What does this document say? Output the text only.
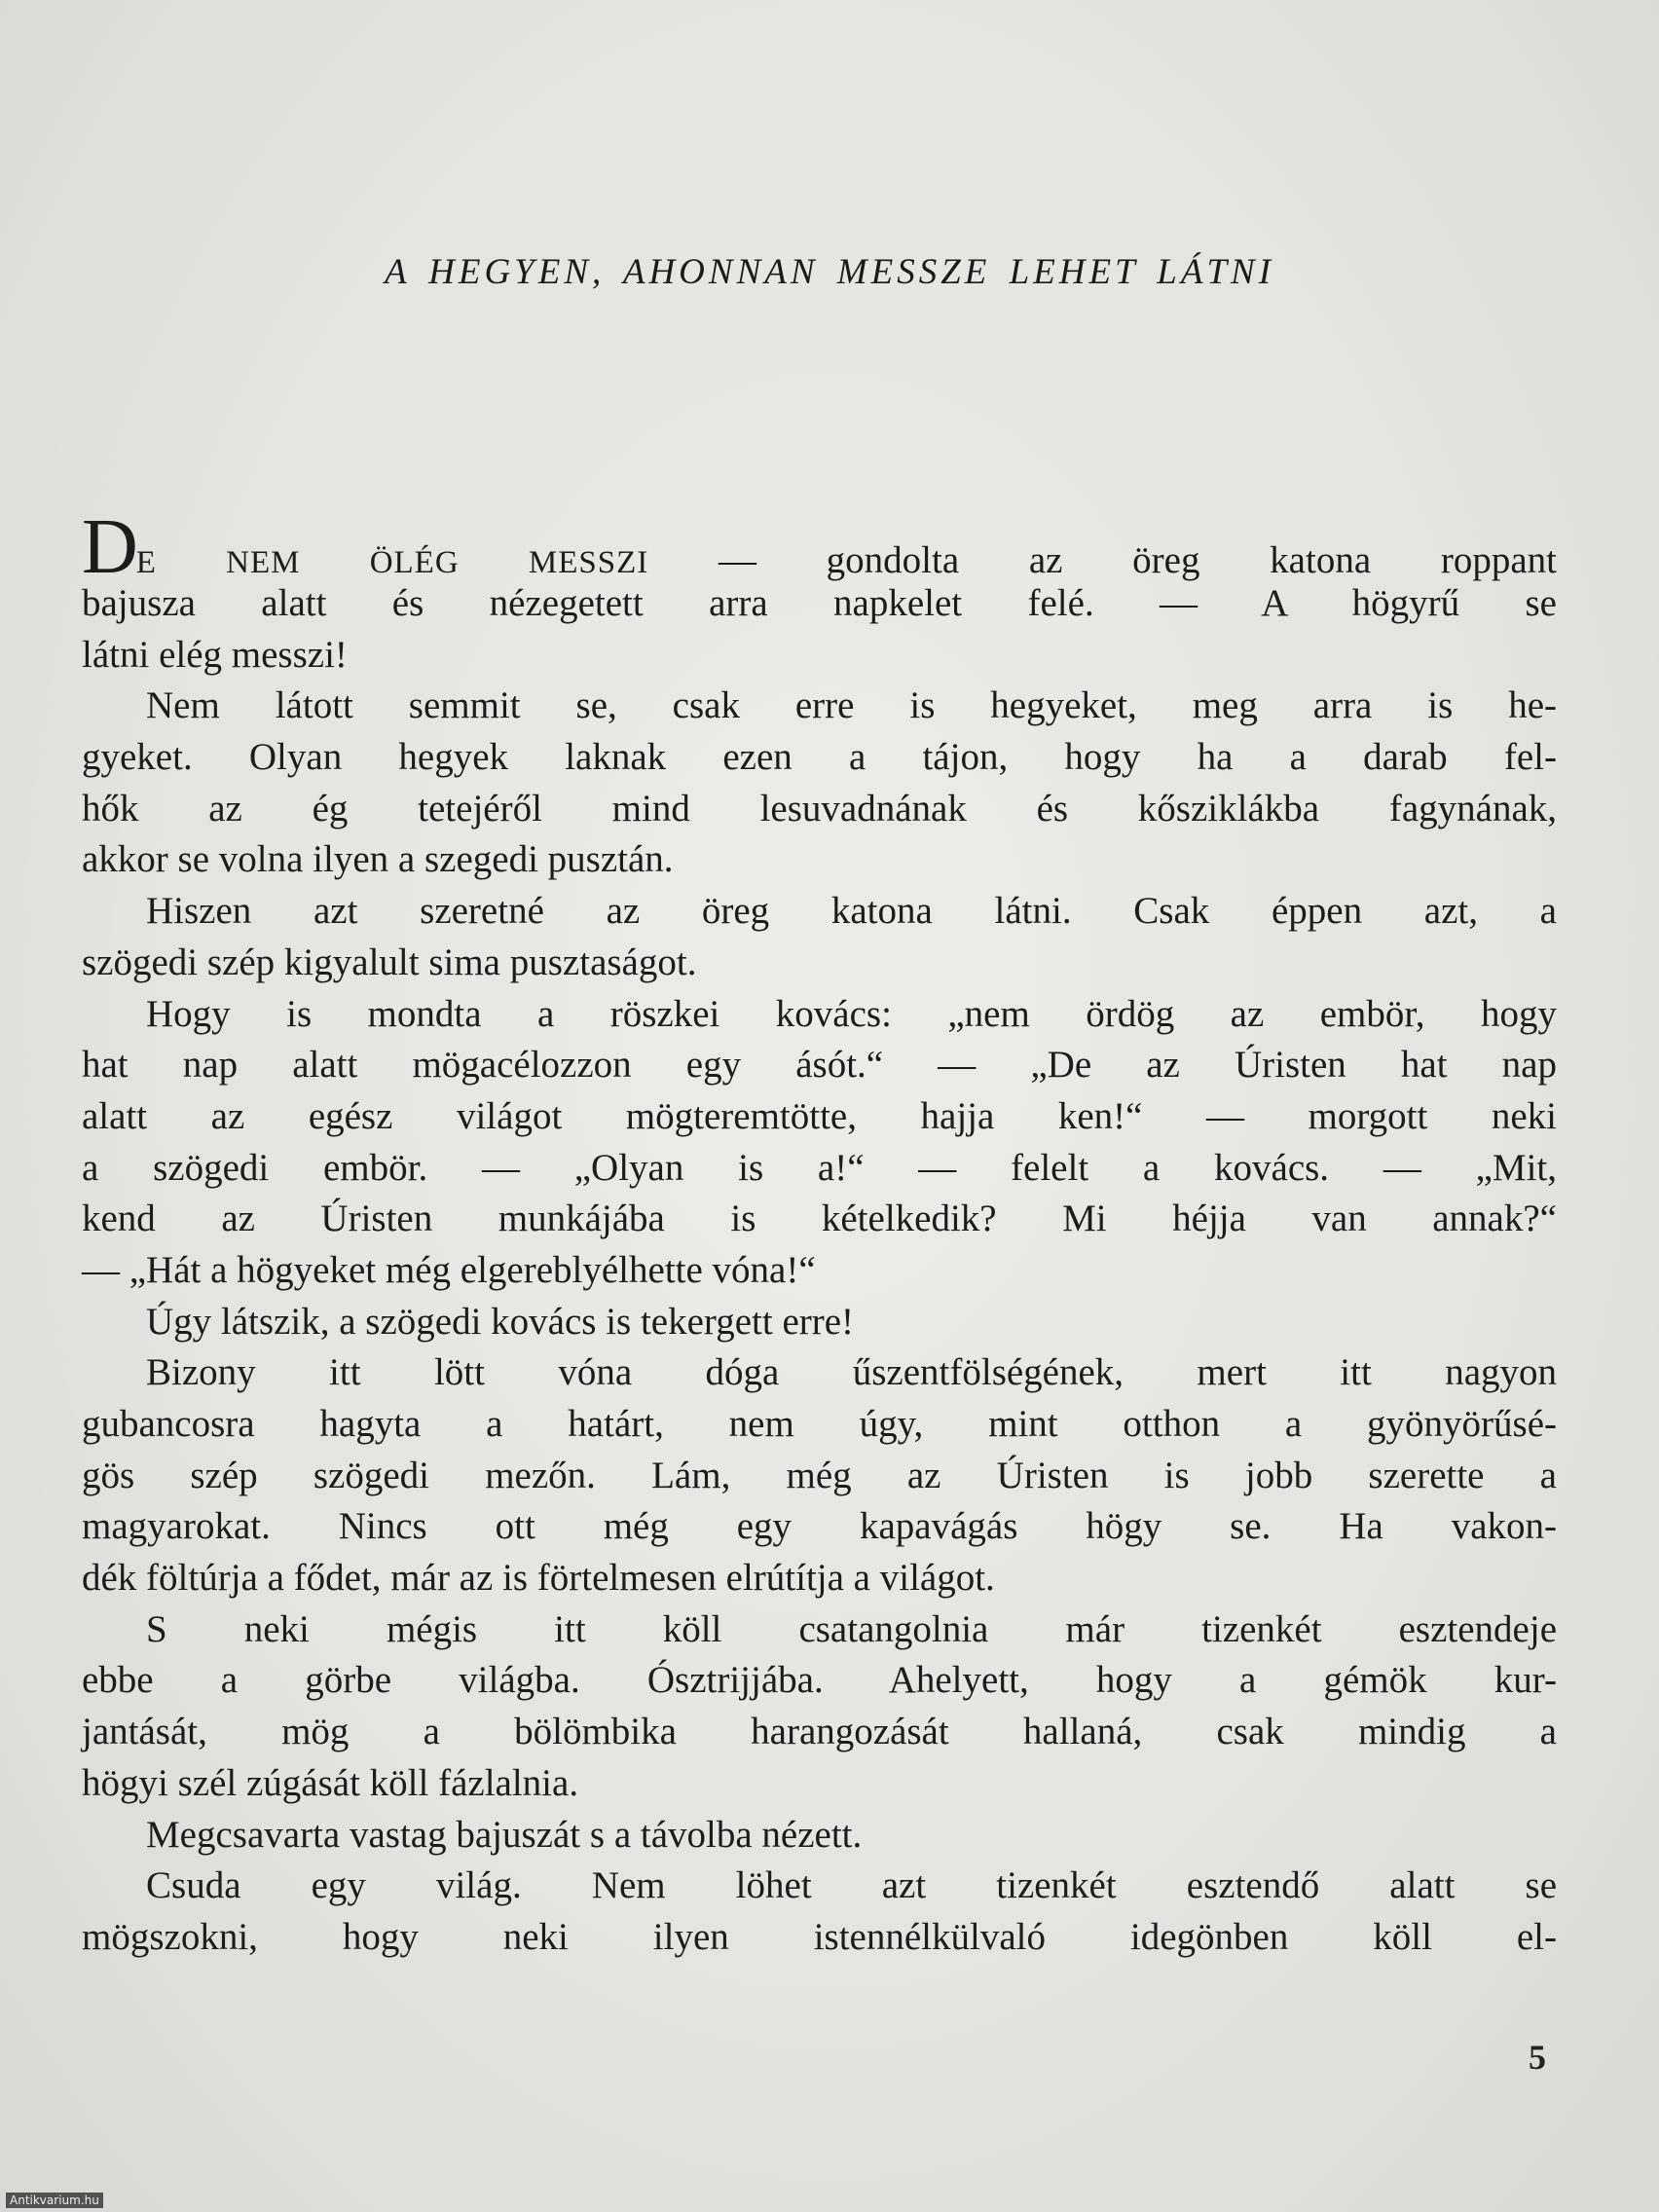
A HEGYEN, AHONNAN MESSZE LEHET LÁTNI
DE NEM ÖLÉG MESSZI — gondolta az öreg katona roppant
bajusza alatt és nézegetett arra napkelet felé. — A högyrű se
látni elég messzi!
Nem látott semmit se, csak erre is hegyeket, meg arra is he-
gyeket. Olyan hegyek laknak ezen a tájon, hogy ha a darab fel-
hők az ég tetejéről mind lesuvadnának és kősziklákba fagynának,
akkor se volna ilyen a szegedi pusztán.
Hiszen azt szeretné az öreg katona látni. Csak éppen azt, a
szögedi szép kigyalult sima pusztaságot.
Hogy is mondta a röszkei kovács: „nem ördög az embör, hogy
hat nap alatt mögacélozzon egy ásót.“ — „De az Úristen hat nap
alatt az egész világot mögteremtötte, hajja ken!“ — morgott neki
a szögedi embör. — „Olyan is a!“ — felelt a kovács. — „Mit,
kend az Úristen munkájába is kételkedik? Mi héjja van annak?“
— „Hát a högyeket még elgereblyélhette vóna!“
Úgy látszik, a szögedi kovács is tekergett erre!
Bizony itt lött vóna dóga űszentfölségének, mert itt nagyon
gubancosra hagyta a határt, nem úgy, mint otthon a gyönyörűsé-
gös szép szögedi mezőn. Lám, még az Úristen is jobb szerette a
magyarokat. Nincs ott még egy kapavágás högy se. Ha vakon-
dék föltúrja a fődet, már az is förtelmesen elrútítja a világot.
S neki mégis itt köll csatangolnia már tizenkét esztendeje
ebbe a görbe világba. Ósztrijjába. Ahelyett, hogy a gémök kur-
jantását, mög a bölömbika harangozását hallaná, csak mindig a
högyi szél zúgását köll fázlalnia.
Megcsavarta vastag bajuszát s a távolba nézett.
Csuda egy világ. Nem löhet azt tizenkét esztendő alatt se
mögszokni, hogy neki ilyen istennélkülvaló idegönben köll el-
5
Antikvarium.hu
